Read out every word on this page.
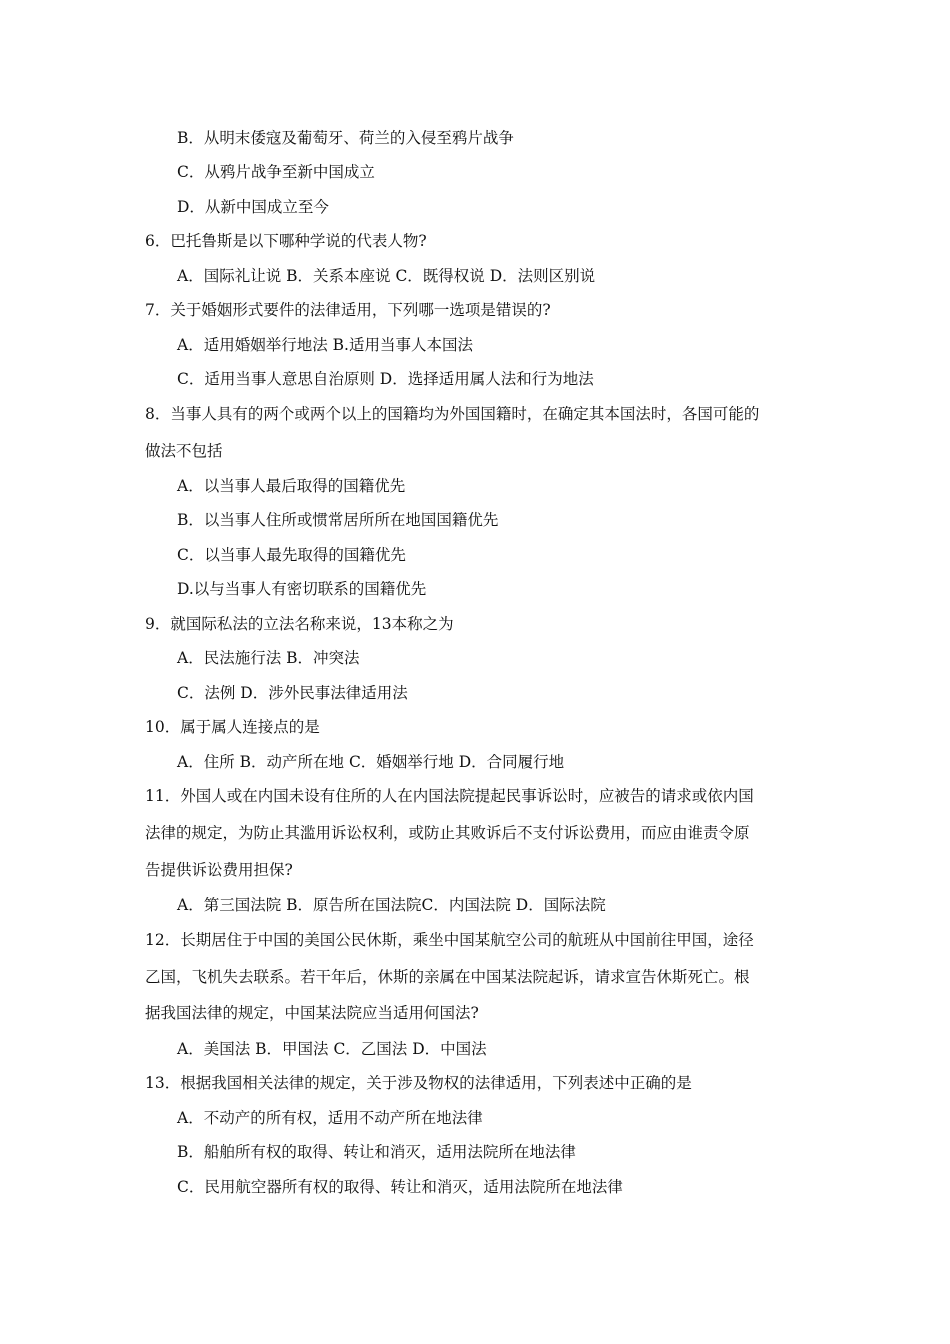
B．从明末倭寇及葡萄牙、荷兰的入侵至鸦片战争
C．从鸦片战争至新中国成立
D．从新中国成立至今
6．巴托鲁斯是以下哪种学说的代表人物?
A．国际礼让说 B．关系本座说 C．既得权说 D．法则区别说
7．关于婚姻形式要件的法律适用，下列哪一选项是错误的?
A．适用婚姻举行地法 B.适用当事人本国法
C．适用当事人意思自治原则 D．选择适用属人法和行为地法
8．当事人具有的两个或两个以上的国籍均为外国国籍时，在确定其本国法时，各国可能的
做法不包括
A．以当事人最后取得的国籍优先
B．以当事人住所或惯常居所所在地国国籍优先
C．以当事人最先取得的国籍优先
D.以与当事人有密切联系的国籍优先
9．就国际私法的立法名称来说，13本称之为
A．民法施行法 B．冲突法
C．法例 D．涉外民事法律适用法
10．属于属人连接点的是
A．住所 B．动产所在地 C．婚姻举行地 D．合同履行地
11．外国人或在内国未设有住所的人在内国法院提起民事诉讼时，应被告的请求或依内国
法律的规定，为防止其滥用诉讼权利，或防止其败诉后不支付诉讼费用，而应由谁责令原
告提供诉讼费用担保?
A．第三国法院 B．原告所在国法院C．内国法院 D．国际法院
12．长期居住于中国的美国公民休斯，乘坐中国某航空公司的航班从中国前往甲国，途径
乙国，飞机失去联系。若干年后，休斯的亲属在中国某法院起诉，请求宣告休斯死亡。根
据我国法律的规定，中国某法院应当适用何国法?
A．美国法 B．甲国法 C．乙国法 D．中国法
13．根据我国相关法律的规定，关于涉及物权的法律适用，下列表述中正确的是
A．不动产的所有权，适用不动产所在地法律
B．船舶所有权的取得、转让和消灭，适用法院所在地法律
C．民用航空器所有权的取得、转让和消灭，适用法院所在地法律
